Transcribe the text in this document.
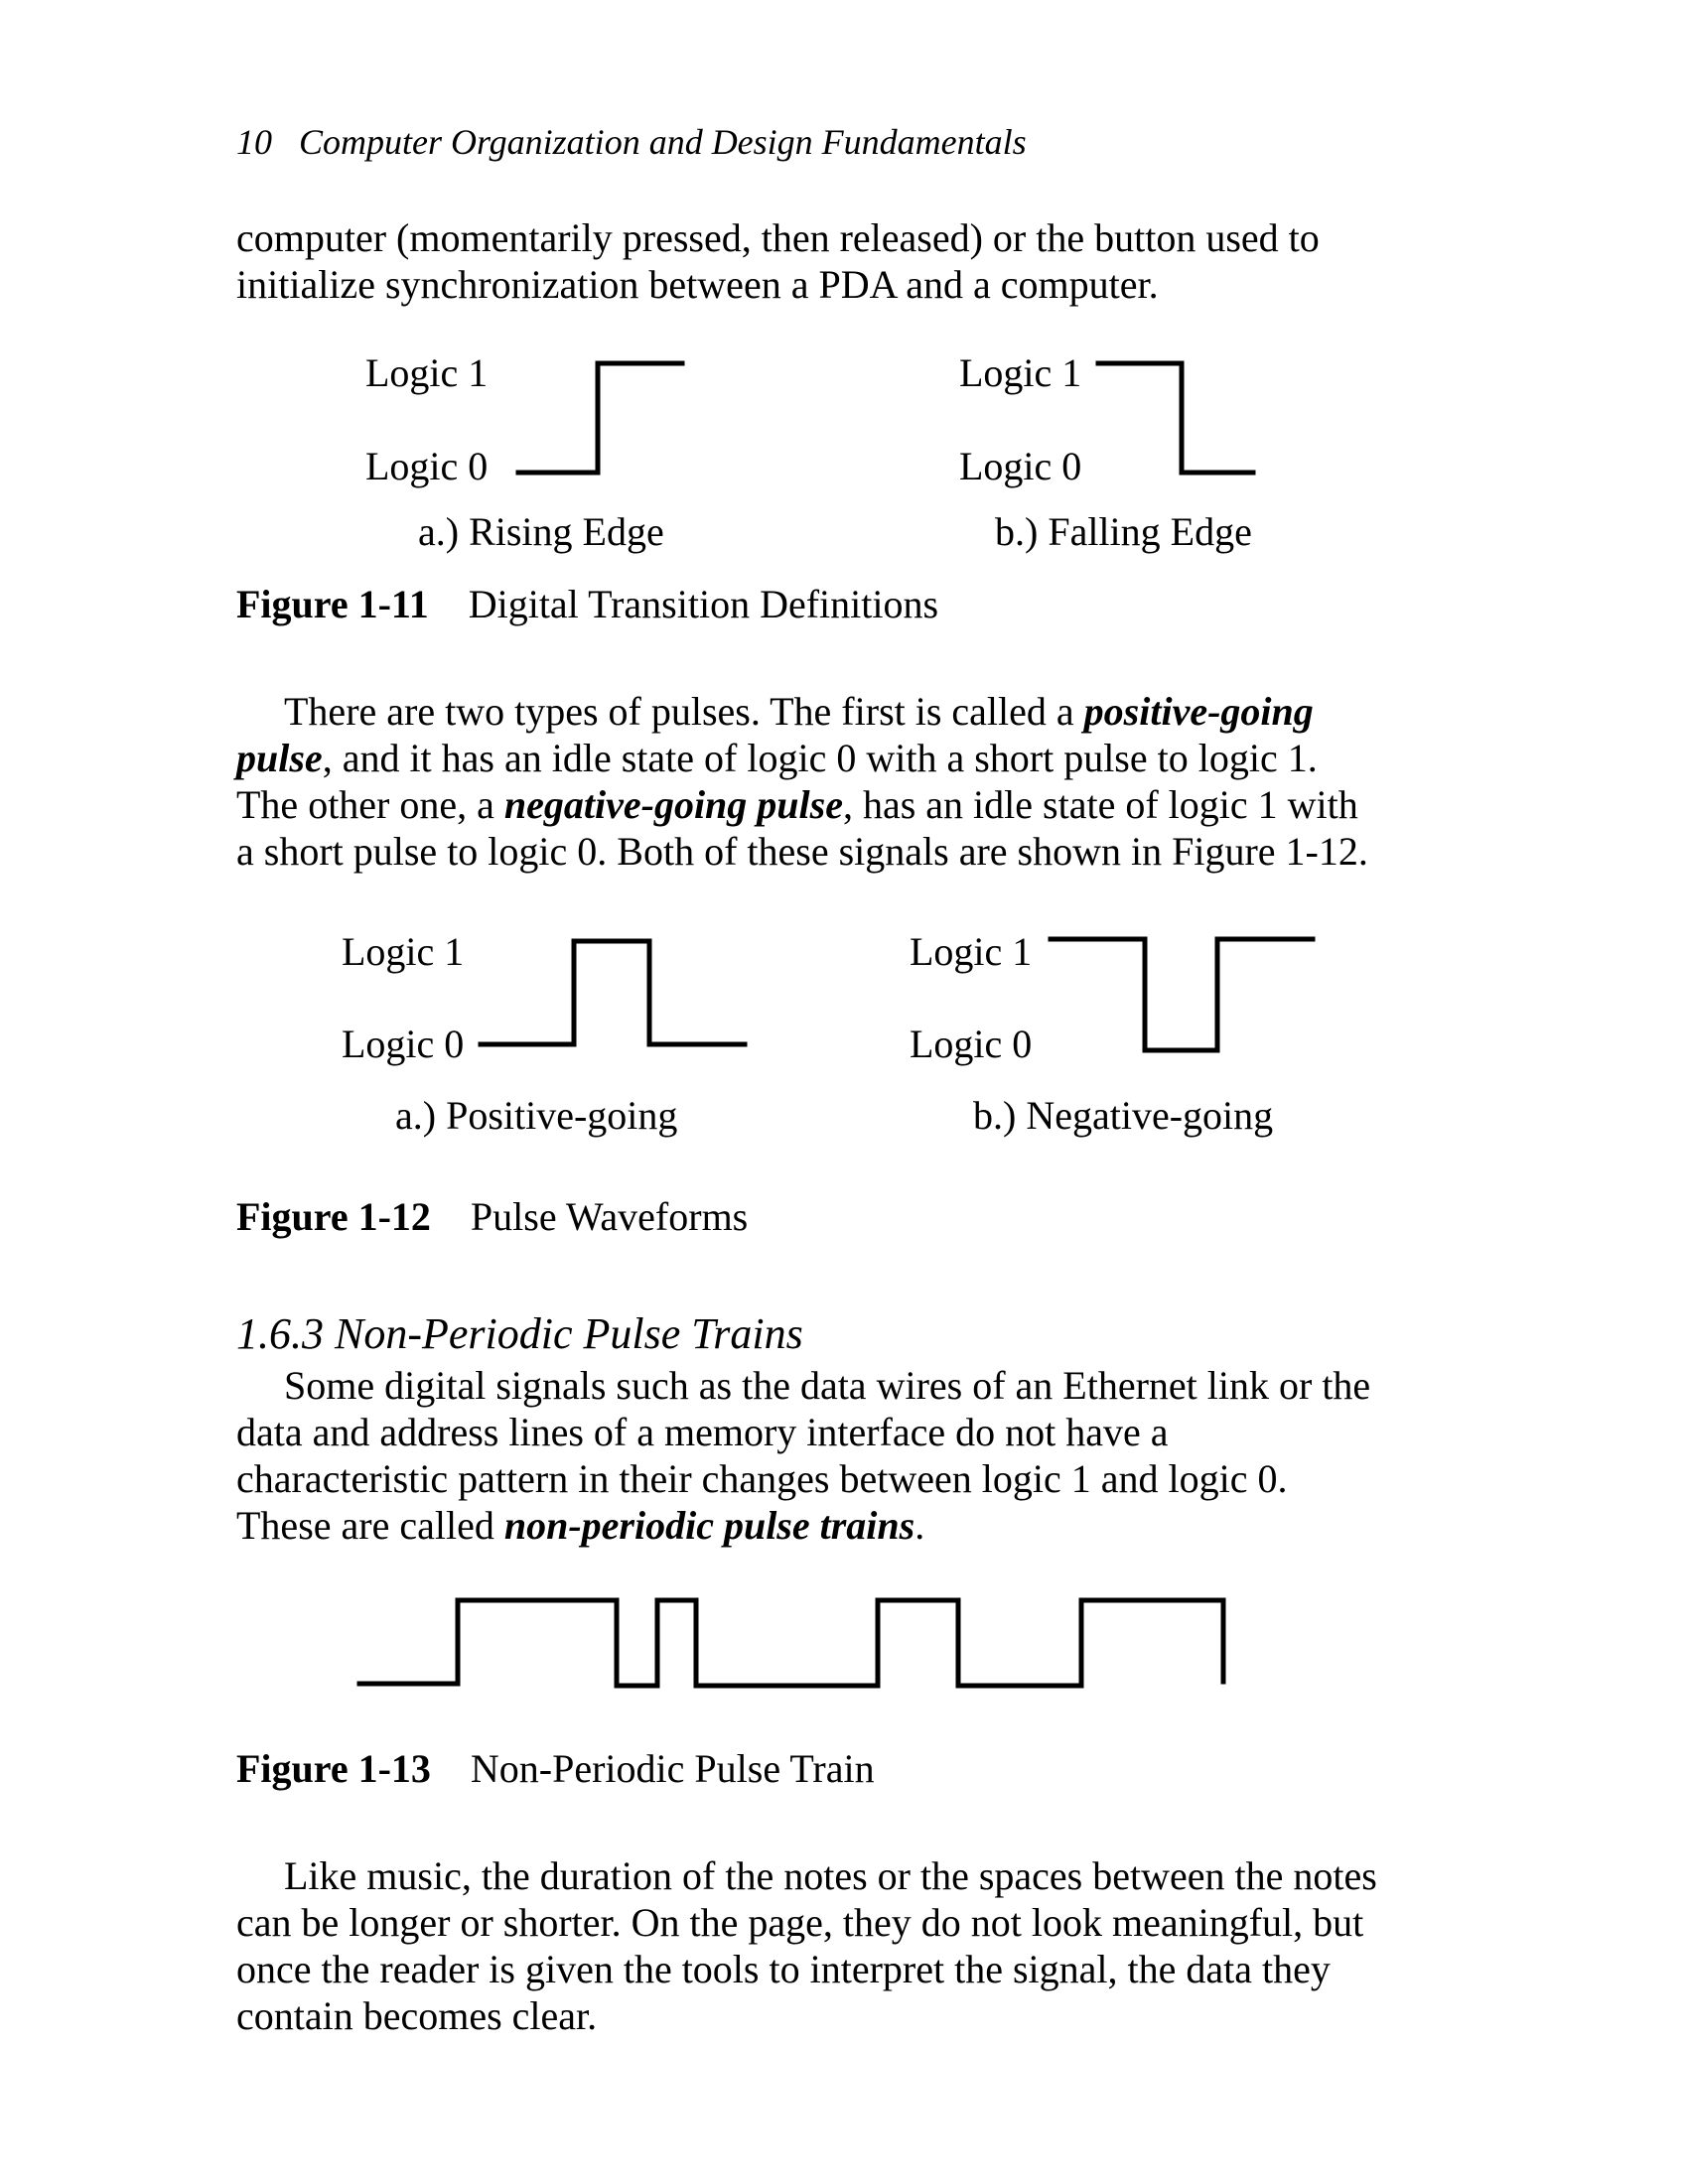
10 Computer Organization and Design Fundamentals
computer (momentarily pressed, then released) or the button used to
initialize synchronization between a PDA and a computer.
Logic 1
Logic 0
a.) Rising Edge
Logic 1
Logic 0
b.) Falling Edge
Figure 1-11 Digital Transition Definitions
There are two types of pulses. The first is called a positive-going
pulse, and it has an idle state of logic 0 with a short pulse to logic 1.
The other one, a negative-going pulse, has an idle state of logic 1 with
a short pulse to logic 0. Both of these signals are shown in Figure 1-12.
Logic 1
Logic 0
a.) Positive-going
Logic 1
Logic 0
b.) Negative-going
Figure 1-12 Pulse Waveforms
1.6.3 Non-Periodic Pulse Trains
Some digital signals such as the data wires of an Ethernet link or the
data and address lines of a memory interface do not have a
characteristic pattern in their changes between logic 1 and logic 0.
These are called non-periodic pulse trains.
Figure 1-13 Non-Periodic Pulse Train
Like music, the duration of the notes or the spaces between the notes
can be longer or shorter. On the page, they do not look meaningful, but
once the reader is given the tools to interpret the signal, the data they
contain becomes clear.
